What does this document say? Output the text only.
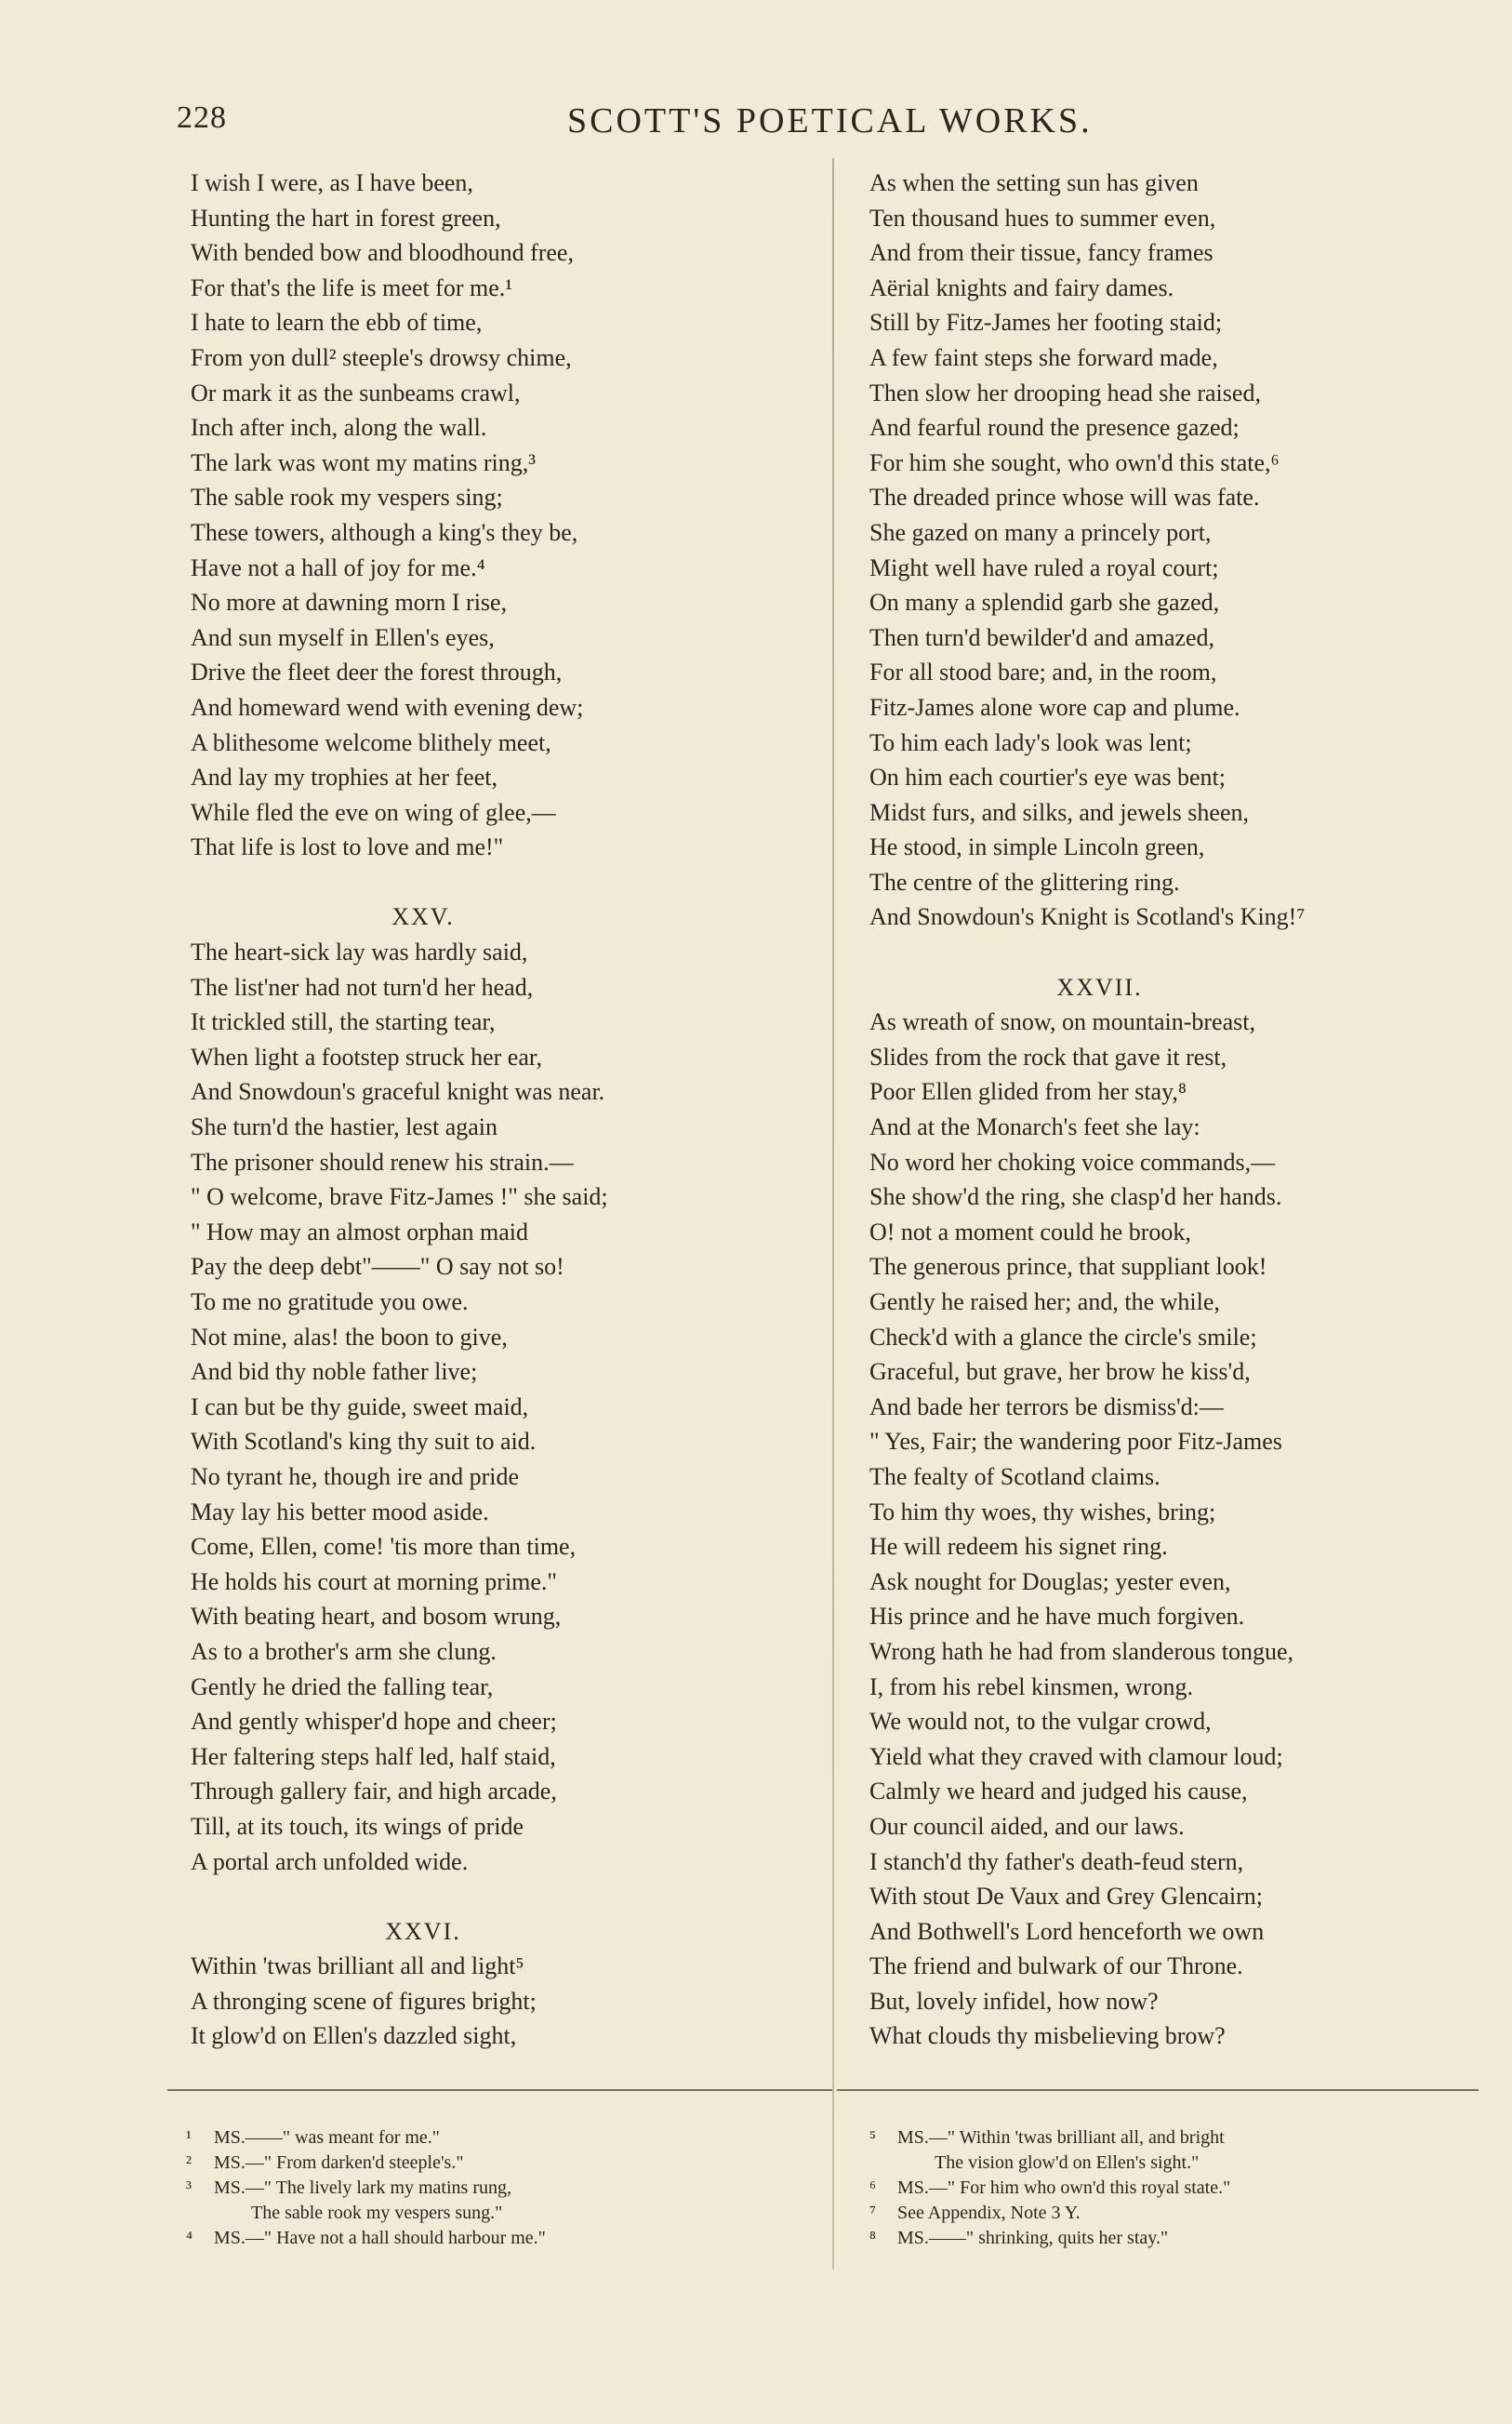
228	SCOTT'S POETICAL WORKS.
I wish I were, as I have been,
Hunting the hart in forest green,
With bended bow and bloodhound free,
For that's the life is meet for me.¹
I hate to learn the ebb of time,
From yon dull² steeple's drowsy chime,
Or mark it as the sunbeams crawl,
Inch after inch, along the wall.
The lark was wont my matins ring,³
The sable rook my vespers sing;
These towers, although a king's they be,
Have not a hall of joy for me.⁴
No more at dawning morn I rise,
And sun myself in Ellen's eyes,
Drive the fleet deer the forest through,
And homeward wend with evening dew;
A blithesome welcome blithely meet,
And lay my trophies at her feet,
While fled the eve on wing of glee,—
That life is lost to love and me!"
XXV.
The heart-sick lay was hardly said,
The list'ner had not turn'd her head,
It trickled still, the starting tear,
When light a footstep struck her ear,
And Snowdoun's graceful knight was near.
She turn'd the hastier, lest again
The prisoner should renew his strain.—
" O welcome, brave Fitz-James !" she said;
" How may an almost orphan maid
Pay the deep debt"——" O say not so!
To me no gratitude you owe.
Not mine, alas! the boon to give,
And bid thy noble father live;
I can but be thy guide, sweet maid,
With Scotland's king thy suit to aid.
No tyrant he, though ire and pride
May lay his better mood aside.
Come, Ellen, come! 'tis more than time,
He holds his court at morning prime."
With beating heart, and bosom wrung,
As to a brother's arm she clung.
Gently he dried the falling tear,
And gently whisper'd hope and cheer;
Her faltering steps half led, half staid,
Through gallery fair, and high arcade,
Till, at its touch, its wings of pride
A portal arch unfolded wide.
XXVI.
Within 'twas brilliant all and light⁵
A thronging scene of figures bright;
It glow'd on Ellen's dazzled sight,
As when the setting sun has given
Ten thousand hues to summer even,
And from their tissue, fancy frames
Aërial knights and fairy dames.
Still by Fitz-James her footing staid;
A few faint steps she forward made,
Then slow her drooping head she raised,
And fearful round the presence gazed;
For him she sought, who own'd this state,⁶
The dreaded prince whose will was fate.
She gazed on many a princely port,
Might well have ruled a royal court;
On many a splendid garb she gazed,
Then turn'd bewilder'd and amazed,
For all stood bare; and, in the room,
Fitz-James alone wore cap and plume.
To him each lady's look was lent;
On him each courtier's eye was bent;
Midst furs, and silks, and jewels sheen,
He stood, in simple Lincoln green,
The centre of the glittering ring.
And Snowdoun's Knight is Scotland's King!⁷
XXVII.
As wreath of snow, on mountain-breast,
Slides from the rock that gave it rest,
Poor Ellen glided from her stay,⁸
And at the Monarch's feet she lay:
No word her choking voice commands,—
She show'd the ring, she clasp'd her hands.
O! not a moment could he brook,
The generous prince, that suppliant look!
Gently he raised her; and, the while,
Check'd with a glance the circle's smile;
Graceful, but grave, her brow he kiss'd,
And bade her terrors be dismiss'd:—
" Yes, Fair; the wandering poor Fitz-James
The fealty of Scotland claims.
To him thy woes, thy wishes, bring;
He will redeem his signet ring.
Ask nought for Douglas; yester even,
His prince and he have much forgiven.
Wrong hath he had from slanderous tongue,
I, from his rebel kinsmen, wrong.
We would not, to the vulgar crowd,
Yield what they craved with clamour loud;
Calmly we heard and judged his cause,
Our council aided, and our laws.
I stanch'd thy father's death-feud stern,
With stout De Vaux and Grey Glencairn;
And Bothwell's Lord henceforth we own
The friend and bulwark of our Throne.
But, lovely infidel, how now?
What clouds thy misbelieving brow?
¹ MS.——" was meant for me."
² MS.—" From darken'd steeple's."
³ MS.—" The lively lark my matins rung,
The sable rook my vespers sung."
⁴ MS.—" Have not a hall should harbour me."
⁵ MS.—" Within 'twas brilliant all, and bright
The vision glow'd on Ellen's sight."
⁶ MS.—" For him who own'd this royal state."
⁷ See Appendix, Note 3 Y.
⁸ MS.——" shrinking, quits her stay."
